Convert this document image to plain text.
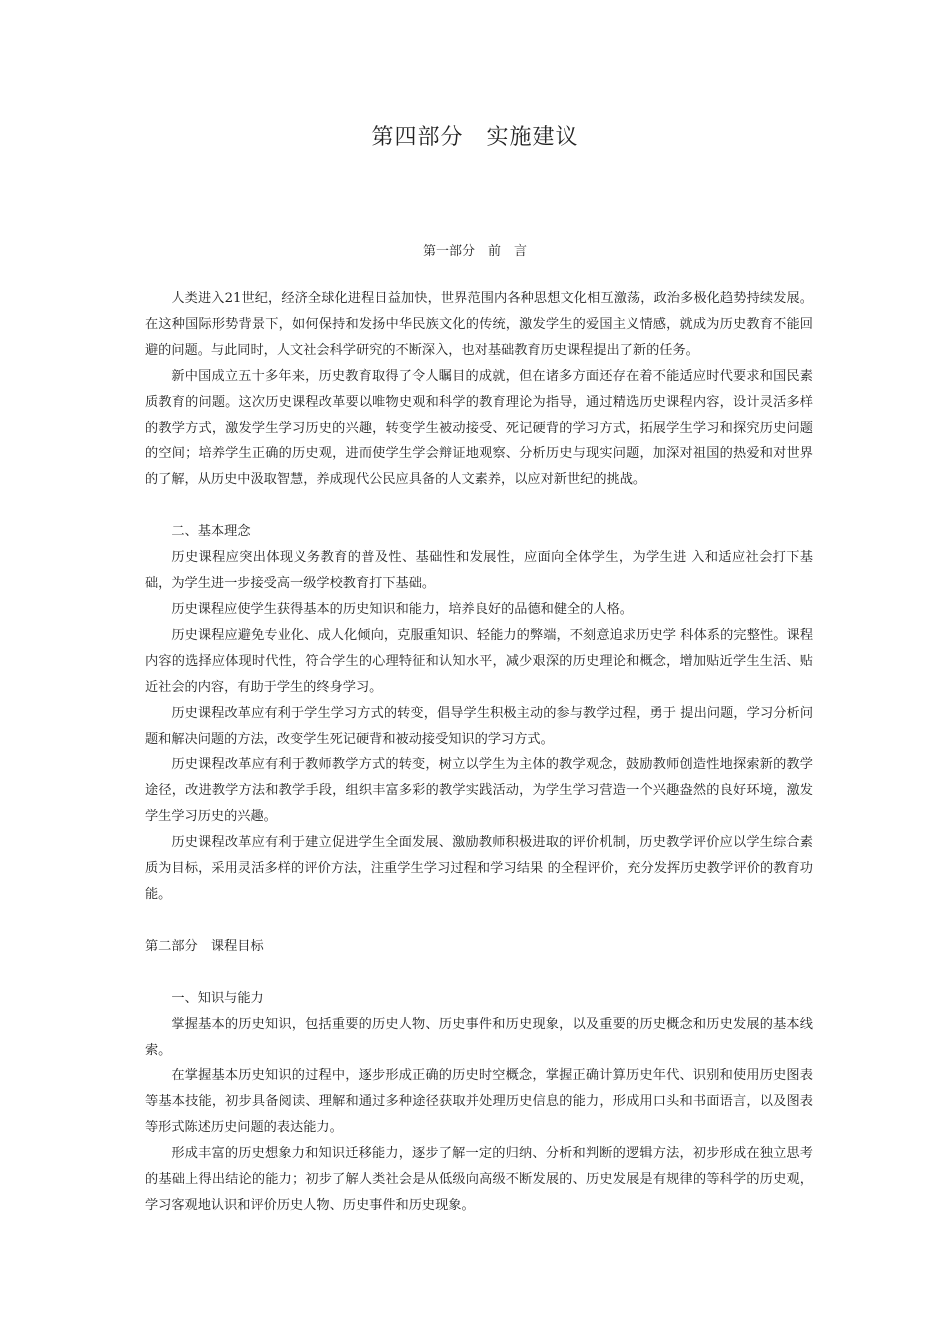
第四部分　实施建议
第一部分　前　言

人类进入21世纪，经济全球化进程日益加快，世界范围内各种思想文化相互激荡，政治多极化趋势持续发展。在这种国际形势背景下，如何保持和发扬中华民族文化的传统，激发学生的爱国主义情感，就成为历史教育不能回避的问题。与此同时，人文社会科学研究的不断深入，也对基础教育历史课程提出了新的任务。

新中国成立五十多年来，历史教育取得了令人瞩目的成就，但在诸多方面还存在着不能适应时代要求和国民素质教育的问题。这次历史课程改革要以唯物史观和科学的教育理论为指导，通过精选历史课程内容，设计灵活多样的教学方式，激发学生学习历史的兴趣，转变学生被动接受、死记硬背的学习方式，拓展学生学习和探究历史问题的空间；培养学生正确的历史观，进而使学生学会辩证地观察、分析历史与现实问题，加深对祖国的热爱和对世界的了解，从历史中汲取智慧，养成现代公民应具备的人文素养，以应对新世纪的挑战。

二、基本理念

历史课程应突出体现义务教育的普及性、基础性和发展性，应面向全体学生，为学生进 入和适应社会打下基础，为学生进一步接受高一级学校教育打下基础。

历史课程应使学生获得基本的历史知识和能力，培养良好的品德和健全的人格。

历史课程应避免专业化、成人化倾向，克服重知识、轻能力的弊端，不刻意追求历史学 科体系的完整性。课程内容的选择应体现时代性，符合学生的心理特征和认知水平，减少艰深的历史理论和概念，增加贴近学生生活、贴近社会的内容，有助于学生的终身学习。

历史课程改革应有利于学生学习方式的转变，倡导学生积极主动的参与教学过程，勇于 提出问题，学习分析问题和解决问题的方法，改变学生死记硬背和被动接受知识的学习方式。

历史课程改革应有利于教师教学方式的转变，树立以学生为主体的教学观念，鼓励教师创造性地探索新的教学途径，改进教学方法和教学手段，组织丰富多彩的教学实践活动，为学生学习营造一个兴趣盎然的良好环境，激发学生学习历史的兴趣。

历史课程改革应有利于建立促进学生全面发展、激励教师积极进取的评价机制，历史教学评价应以学生综合素质为目标，采用灵活多样的评价方法，注重学生学习过程和学习结果 的全程评价，充分发挥历史教学评价的教育功能。

第二部分　课程目标
一、知识与能力

掌握基本的历史知识，包括重要的历史人物、历史事件和历史现象，以及重要的历史概念和历史发展的基本线索。

在掌握基本历史知识的过程中，逐步形成正确的历史时空概念，掌握正确计算历史年代、识别和使用历史图表等基本技能，初步具备阅读、理解和通过多种途径获取并处理历史信息的能力，形成用口头和书面语言，以及图表等形式陈述历史问题的表达能力。

形成丰富的历史想象力和知识迁移能力，逐步了解一定的归纳、分析和判断的逻辑方法，初步形成在独立思考的基础上得出结论的能力；初步了解人类社会是从低级向高级不断发展的、历史发展是有规律的等科学的历史观，学习客观地认识和评价历史人物、历史事件和历史现象。
